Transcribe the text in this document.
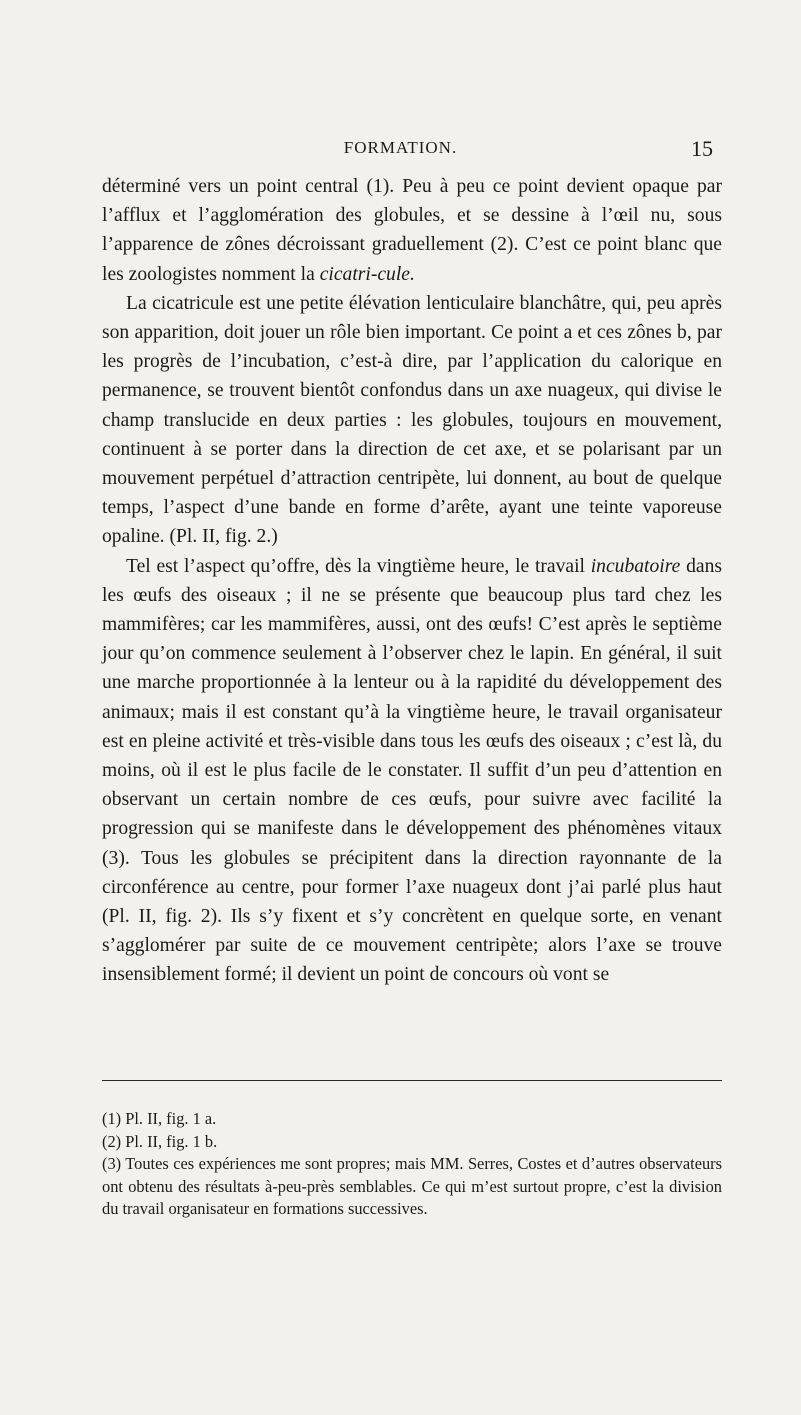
FORMATION.	15

déterminé vers un point central (1). Peu à peu ce point devient opaque par l’afflux et l’agglomération des globules, et se dessine à l’œil nu, sous l’apparence de zônes décroissant graduellement (2). C’est ce point blanc que les zoologistes nomment la cicatri-cule.

La cicatricule est une petite élévation lenticulaire blanchâtre, qui, peu après son apparition, doit jouer un rôle bien important. Ce point a et ces zônes b, par les progrès de l’incubation, c’est-à dire, par l’application du calorique en permanence, se trouvent bientôt confondus dans un axe nuageux, qui divise le champ translucide en deux parties : les globules, toujours en mouvement, continuent à se porter dans la direction de cet axe, et se polarisant par un mouvement perpétuel d’attraction centripète, lui donnent, au bout de quelque temps, l’aspect d’une bande en forme d’arête, ayant une teinte vaporeuse opaline. (Pl. II, fig. 2.)

Tel est l’aspect qu’offre, dès la vingtième heure, le travail incubatoire dans les œufs des oiseaux ; il ne se présente que beaucoup plus tard chez les mammifères; car les mammifères, aussi, ont des œufs! C’est après le septième jour qu’on commence seulement à l’observer chez le lapin. En général, il suit une marche proportionnée à la lenteur ou à la rapidité du développement des animaux; mais il est constant qu’à la vingtième heure, le travail organisateur est en pleine activité et très-visible dans tous les œufs des oiseaux ; c’est là, du moins, où il est le plus facile de le constater. Il suffit d’un peu d’attention en observant un certain nombre de ces œufs, pour suivre avec facilité la progression qui se manifeste dans le développement des phénomènes vitaux (3). Tous les globules se précipitent dans la direction rayonnante de la circonférence au centre, pour former l’axe nuageux dont j’ai parlé plus haut (Pl. II, fig. 2). Ils s’y fixent et s’y concrètent en quelque sorte, en venant s’agglomérer par suite de ce mouvement centripète; alors l’axe se trouve insensiblement formé; il devient un point de concours où vont se

(1) Pl. II, fig. 1 a.

(2) Pl. II, fig. 1 b.

(3) Toutes ces expériences me sont propres; mais MM. Serres, Costes et d’autres observateurs ont obtenu des résultats à-peu-près semblables. Ce qui m’est surtout propre, c’est la division du travail organisateur en formations successives.
